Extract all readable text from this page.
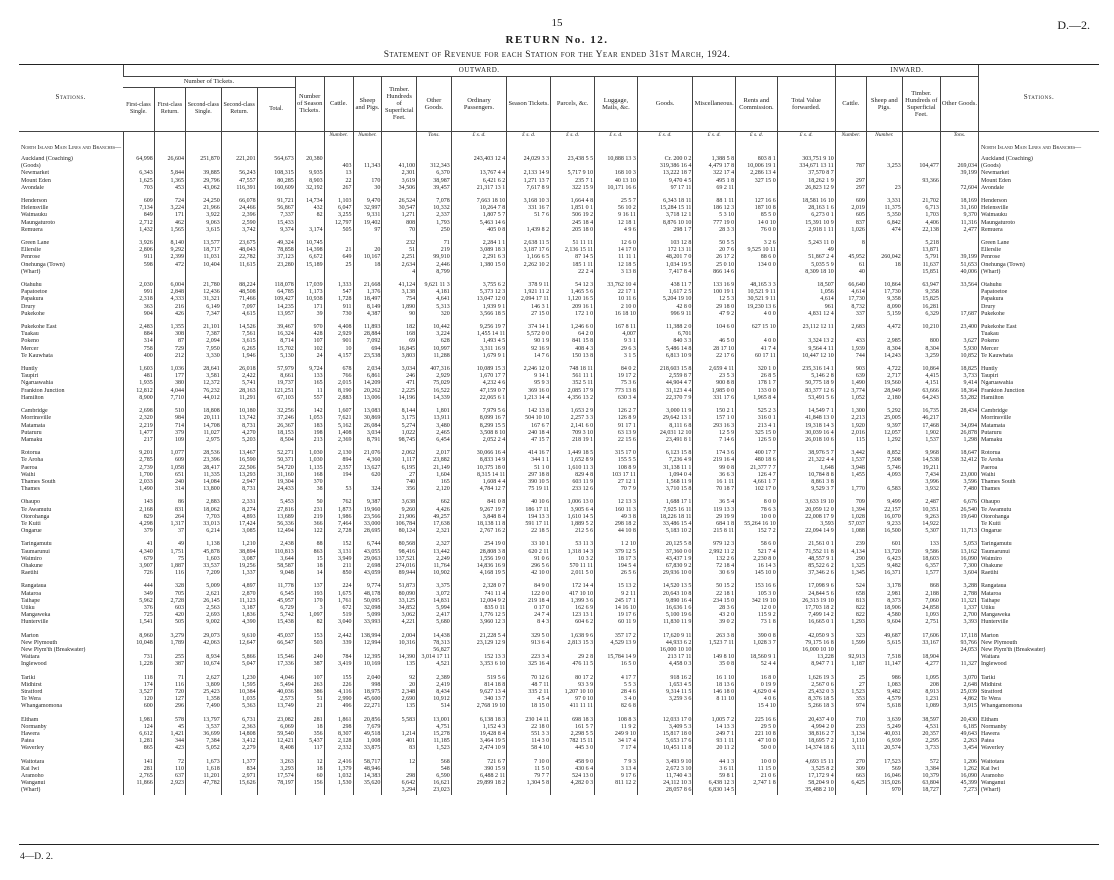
15	D.—2.
RETURN No. 12.
Statement of Revenue for each Station for the Year ended 31st March, 1924.
Stations.	OUTWARD.																		INWARD.				Stations.
	Number of Tickets.					Number of Season Tickets.	Cattle.	Sheep and Pigs.	Timber. Hundreds of Superficial Feet.	Other Goods.	Ordinary Passengers.	Season Tickets.	Parcels, &c.	Luggage, Mails, &c.	Goods.	Miscellaneous.	Rents and Commission.	Total Value forwarded.	Cattle.	Sheep and Pigs.	Timber. Hundreds of Superficial Feet.	Other Goods.	
	First-class Single.	First-class Return.	Second-class Single.	Second-class Return.	Total.																		
							Number.	Number.		Tons.	£ s. d.	£ s. d.	£ s. d.	£ s. d.	£ s. d.	£ s. d.	£ s. d.	£ s. d.	Number.	Number.		Tons.	
North Island Main Lines and Branches—																							North Island Main Lines and Branches—
Auckland (Coaching)	64,998	26,604	251,870	221,201	564,673	20,380					243,403 12 4	24,029 3 3	23,438 5 5	10,888 13 3	Cr. 200 0 2	1,388 5 8	803 8 1	303,751 9 10					Auckland (Coaching)
(Goods)							403	11,343	41,100	312,343					319,386 16 4	4,479 17 8	10,006 19 1	334,671 13 11	787	3,253	104,477	269,034	(Goods)
Newmarket	6,343	5,844	39,885	56,243	108,315	9,935	13		2,301	6,370	13,767 4 4	2,133 14 9	5,717 9 10	168 10 3	13,222 18 7	322 17 4	2,286 13 4	37,570 8 7				39,199	Newmarket
Mount Eden	1,625	1,365	29,796	47,557	80,285	8,903	22	170	3,619	38,987	6,421 6 2	1,271 13 7	235 7 1	40 13 10	9,470 4 5	495 1 8	327 15 0	18,262 1 9	297		93,366		Mount Eden
Avondale	703	453	43,062	116,391	160,609	32,192	267	30	34,506	39,457	21,317 13 1	7,617 8 9	322 15 9	10,171 16 6	97 17 11	69 2 11		26,823 12 9	297	23		72,604	Avondale

Henderson	609	724	24,250	66,078	91,721	14,734	1,103	9,470	26,524	7,078	7,663 18 10	3,168 10 3	1,664 4 8	25 5 7	6,343 18 11	88 1 11	127 16 6	18,581 16 10	609	3,331	21,702	18,169	Henderson
Helensville	7,134	3,224	21,966	24,466	56,867	432	6,047	32,997	30,547	10,332	10,264 7 8	331 16 7	1,851 0 1	56 10 2	15,284 15 11	186 12 3	187 10 8	28,163 1 6	2,019	11,375	6,713	31,160	Helensville
Waimauku	849	171	3,922	2,396	7,337	82	3,255	9,331	1,271	2,337	1,807 5 7	51 7 6	506 19 2	9 16 11	3,718 12 1	5 3 10	85 5 0	6,273 0 1	605	5,350	1,703	9,370	Waimauku
Maungaturoto	2,712	462	9,063	2,590	15,433		12,797	19,402	808	1,793	5,463 14 6		245 18 4	12 18 1	8,876 10 10	777 19 0	14 0 10	15,391 10 9	837	6,842	4,406	11,316	Maungaturoto
Remuera	1,432	1,565	3,615	3,742	9,374	3,174	505	97	70	250	405 0 8	1,439 8 2	205 18 0	4 9 6	298 1 7	28 3 3	76 0 0	2,918 1 11	1,026	474	22,138	2,477	Remuera

Green Lane	3,926	8,140	13,577	23,675	49,324	10,745			232	71	2,284 1 1	2,638 11 5	51 11 11	12 6 0	103 12 8	50 5 5	3 2 6	5,243 11 0	8		5,218		Green Lane
Ellerslie	2,806	9,292	18,717	48,043	78,858	14,398	21	20	51	219	3,089 18 3	3,187 17 6	2,136 15 11	14 17 0	172 13 11	20 7 6	9,525 10 11	49			13,871		Ellerslie
Penrose	911	2,399	11,031	22,782	37,123	6,672	649	10,167	2,251	99,910	2,291 6 3	1,166 6 5	87 14 5	11 11 1	48,201 7 0	26 17 2	88 6 0	51,867 2 4	45,952	260,042	5,791	39,199	Penrose
Onehunga (Town)	598	472	10,404	11,615	23,280	15,189	25	18	2,634	2,446	1,380 15 0	2,262 10 2	185 1 11	12 18 5	1,034 19 5	25 0 10	134 0 0	5,035 5 9	61	18	11,637	51,653	Onehunga (Town)
(Wharf)									4	8,799			22 2 4	3 13 8	7,417 8 4	866 14 6		8,309 18 10	40		15,851	40,006	(Wharf)

Otahuhu	2,030	6,004	21,780	88,224	118,078	17,039	1,333	21,668	41,124	9,621 11 3	3,755 6 2	378 9 11	54 12 3	33,762 10 4	438 11 7	133 16 9	48,165 3 3	18,507	66,640	10,864	63,947	33,564	Otahuhu
Papatoetoe	991	2,848	12,436	48,508	64,785	1,173	547	1,376	3,138	4,181	5,373 12 3	1,921 11 2	1,465 5 6	22 17 1	1,617 2 5	100 19 1	10,521 9 11	1,056	4,614	17,730	9,358		Papatoetoe
Papakura	2,318	4,333	31,321	71,466	109,427	10,938	1,728	18,497	754	4,641	13,047 12 0	2,094 17 11	1,120 16 5	10 11 6	5,204 19 10	12 5 3	30,521 9 11	4,614	17,730	9,358	15,825		Papakura
Drury	363	216	6,149	7,097	14,235	171	911	8,149	1,890	5,313	1,939 9 1	146 3 1	209 16 1	2 10 0	42 8 0	29 18 0	19,230 13 6	961	8,732	8,090	16,281		Drury
Pukekohe	904	426	7,347	4,615	13,957	39	730	4,387	90	320	3,566 18 5	27 15 0	172 1 0	16 18 10	996 9 11	47 9 2	4 0 0	4,831 12 4	337	5,159	6,329	17,687	Pukekohe

Pukekohe East	2,483	1,355	21,101	14,526	39,467	970	4,408	11,893	182	10,442	9,256 19 7	374 14 1	1,246 6 0	167 8 11	11,388 2 0	104 6 0	627 15 10	23,112 12 11	2,683	4,472	10,210	23,400	Pukekohe East
Tuakau	884	308	7,387	7,561	16,324	428	2,929	28,884	168	3,224	1,455 14 11	5,572 0 0	64 2 0	4,007	6,701								Tuakau
Pokeno	314	87	2,094	3,615	8,714	107	901	7,092	69	628	1,493 4 5	90 1 9	841 15 8	9 3 1	840 3 3	46 5 0	4 0 0	3,324 13 2	433	2,985	800	3,627	Pokeno
Mercer	758	729	7,950	6,265	15,702	102	10	694	16,845	10,997	3,311 16 9	92 16 9	408 4 3	29 6 3	5,486 14 8	28 17 10	41 7 4	9,564 4 11	1,939	8,304	8,304	5,930	Mercer
Te Kauwhata	400	212	3,330	1,946	5,130	24	4,157	23,538	3,803	11,288	1,679 9 1	14 7 6	150 13 8	3 1 5	6,813 10 9	22 17 6	60 17 11	10,447 12 10	744	14,243	3,259	10,852	Te Kauwhata

Huntly	1,603	1,036	28,641	26,018	57,979	9,724	678	2,034	3,034	407,316	10,089 15 3	2,246 12 0	748 18 11	84 0 2	218,603 15 8	2,659 4 11	320 1 0	235,316 14 1	903	4,722	10,864	18,825	Huntly
Taupiri	481	177	3,581	2,422	8,661	133	766	6,861	246	2,929	1,670 17 7	9 14 1	561 11 1	19 17 2	2,559 8 7	23 5 3	26 8 5	5,146 2 8	639	2,717	4,415	3,733	Taupiri
Ngaruawahia	1,935	380	12,372	5,741	19,737	165	2,015	14,209	471	75,029	4,232 4 6	95 9 3	352 5 11	75 3 6	44,904 4 7	900 8 8	178 1 7	50,775 18 9	1,490	19,560	4,151	9,414	Ngaruawahia
Frankton Junction	12,812	4,044	76,232	28,163	121,251	11	8,190	20,262	2,225	16,522	47,159 0 7	369 16 0	2,085 17 9	773 13 8	31,123 4 4	1,985 0 0	133 0 0	83,377 12 6	3,774	28,949	63,666	18,364	Frankton Junction
Hamilton	8,900	7,710	44,012	11,291	67,103	557	2,883	13,006	14,196	14,339	22,065 6 1	1,213 14 4	4,356 13 2	630 3 4	22,370 7 9	331 17 6	1,965 8 4	53,491 5 6	1,052	2,180	64,243	53,282	Hamilton

Cambridge	2,698	510	18,808	10,180	32,256	142	1,607	13,083	8,144	1,801	7,979 5 6	142 13 8	1,653 2 9	126 2 7	3,000 11 9	150 2 1	525 2 3	14,549 7 1	1,300	5,292	16,735	28,434	Cambridge
Morrinsville	2,320	984	20,111	13,742	37,246	1,053	7,621	30,869	3,175	13,911	8,099 16 7	504 10 10	2,257 3 3	126 8 9	29,642 13 1	157 1 0	316 0 1	41,848 13 0	2,213	25,005	46,217		Morrinsville
Matamata	2,219	714	14,708	8,731	26,367	183	5,162	26,084	5,274	3,480	8,299 15 5	167 6 7	2,141 6 0	91 17 1	8,111 6 8	293 16 3	213 4 1	19,318 14 3	1,920	9,397	17,468	34,094	Matamata
Putaruru	1,477	379	11,027	4,270	18,153	198	1,408	3,034	1,022	2,465	3,508 8 10	240 18 4	709 3 10	63 13 9	24,031 12 10	12 5 9	325 15 0	30,039 16 4	2,016	12,057	1,902	26,878	Putaruru
Mamaku	217	109	2,975	5,203	8,504	213	2,369	8,791	98,745	6,454	2,052 2 4	47 15 7	218 19 1	22 15 6	23,491 8 1	7 14 6	126 5 0	26,018 10 6	115	1,292	1,537	1,298	Mamaku

Rotorua	9,201	1,077	28,536	13,467	52,271	1,030	2,130	21,076	2,062	2,017	30,066 16 4	414 16 7	1,449 18 5	315 17 0	6,123 15 8	174 3 6	400 17 7	38,976 5 7	3,442	8,852	9,968	18,647	Rotorua
Te Aroha	2,785	609	23,396	16,590	50,371	1,030	894	4,360	1,117	23,882	8,833 14 9	344 1 1	1,652 8 9	155 5 5	7,236 4 9	219 16 4	480 18 6	21,322 4 4	1,537	7,508	14,538	32,412	Te Aroha
Paeroa	2,739	1,058	28,417	22,506	54,720	1,135	2,357	13,627	6,195	21,149	10,375 18 0	51 1 0	1,610 11 3	108 8 9	31,138 11 1	99 0 8	21,377 7 7	1,648	3,948	5,746	19,211		Paeroa
Waihi	1,700	651	11,335	13,293	31,160	168	194	620	27	1,604	8,315 14 11	297 18 8	829 4 8	103 17 11	1,094 0 4	36 6 3	126 4 7	10,784 8 8	1,455	4,093	7,434	23,000	Waihi
Thames South	2,033	240	14,084	2,947	19,304	370			740	165	1,608 4 4	390 10 5	603 11 9	27 12 1	1,568 11 9	16 1 11	4,661 1 7	8,861 3 8			3,996	3,596	Thames South
Thames	1,490	314	13,800	8,731	24,433	38	53	324	356	2,120	4,784 12 7	75 19 11	233 12 6	70 7 9	3,710 15 8	70 18 7	102 17 0	9,529 3 7	1,770	6,583	3,932	7,480	Thames

Ohaupo	143	86	2,883	2,331	5,453	50	762	9,387	3,638	662	841 0 8	40 10 6	1,006 13 0	12 13 3	1,688 17 1	36 5 4	8 0 0	3,633 19 10	709	9,499	2,487	6,676	Ohaupo
Te Awamutu	2,168	831	18,062	8,274	27,816	231	1,873	19,960	9,260	4,426	9,267 19 7	186 17 11	3,905 6 4	160 11 3	7,925 16 11	119 13 3	78 6 3	20,059 12 0	1,394	22,157	10,351	26,540	Te Awamutu
Otorohanga	829	264	7,703	4,893	13,689	219	1,986	23,566	21,906	49,257	3,848 8 4	194 13 3	1,610 14 5	49 3 8	18,226 18 11	29 19 9	10 0 0	22,008 17 9	1,028	16,070	9,263	19,640	Otorohanga
Te Kuiti	4,298	1,317	33,013	17,424	56,336	366	7,464	33,000	106,784	17,638	18,138 11 8	591 17 11	1,889 5 2	298 18 2	33,486 15 4	684 1 8	55,264 16 10	3,593	57,037	9,233	14,922		Te Kuiti
Ongarue	379	37	6,214	3,085	12,494	122	2,728	28,695	80,124	2,321	2,767 16 2	22 18 5	212 5 6	44 10 8	5,183 10 2	215 8 11	152 7 2	22,094 14 9	1,088	16,500	5,307	11,713	Ongarue

Taringamutu	41	49	1,138	1,210	2,438	88	152	6,744	80,568	2,327	254 19 0	33 10 1	53 11 3	1 2 10	20,125 5 8	979 12 3	58 6 0	21,561 0 1	239	601	133	5,053	Taringamutu
Taumarunui	4,340	1,751	45,878	38,894	110,813	863	3,131	43,055	98,416	13,442	28,808 3 8	620 2 11	1,318 14 3	379 12 5	37,360 0 0	2,992 11 2	521 7 4	71,552 11 8	4,134	13,720	9,586	13,162	Taumarunui
Waimiro	679	75	1,603	3,087	3,644	15	3,949	29,063	137,521	2,249	1,556 19 0	91 0 6	10 3 2	18 17 3	43,437 1 9	132 2 6	2,230 8 0	48,557 9 1	290	6,423	18,603	16,090	Waimiro
Ohakune	3,907	1,887	33,537	19,256	58,587	18	211	2,698	274,016	11,764	14,836 16 9	296 5 6	570 11 11	194 5 4	67,830 9 2	72 18 4	16 14 3	85,522 6 2	1,325	9,482	6,357	7,300	Ohakune
Raetihi	726	116	7,209	1,337	9,048	14	850	43,059	89,944	10,902	4,168 19 5	42 10 0	2,011 5 0	26 5 6	29,936 10 0	30 6 9	145 10 0	37,346 2 6	1,345	16,371	1,577	3,604	Raetihi

Rangataua	444	328	5,009	4,897	11,778	137	224	9,774	51,873	3,375	2,328 0 7	84 9 0	172 14 4	15 13 2	14,520 13 5	50 15 2	153 16 6	17,098 9 6	524	3,178	868	3,288	Rangataua
Mataroa	349	705	2,621	2,870	6,545	193	1,675	48,178	80,090	3,072	741 11 4	122 0 0	417 10 10	9 2 11	20,643 10 8	22 18 1	105 3 0	24,844 5 6	658	2,981	2,188	2,788	Mataroa
Taihape	5,962	2,728	26,145	11,123	45,957	170	1,761	50,095	33,125	14,831	12,004 9 2	219 18 4	1,399 3 6	245 17 1	9,890 16 4	234 15 0	342 19 10	26,313 19 10	813	8,373	7,060	11,321	Taihape
Utiku	376	603	2,563	3,187	6,729	3	672	32,098	34,852	5,994	835 0 11	0 17 0	162 6 9	14 16 10	16,636 1 6	28 3 6	12 0 0	17,703 18 2	822	18,906	24,858	1,337	Utiku
Mangaweka	725	420	2,693	1,836	5,742	1,097	519	5,099	3,062	2,417	1,776 12 5	24 7 4	123 13 1	19 17 6	5,100 19 6	43 2 0	115 9 2	7,499 14 2	822	4,580	1,093	2,700	Mangaweka
Hunterville	1,541	505	9,002	4,390	15,438	82	3,040	33,993	4,221	5,680	3,960 12 3	8 4 3	604 6 2	60 11 9	11,830 11 9	39 0 2	73 1 8	16,665 0 1	1,293	9,604	2,751	3,393	Hunterville

Marton	8,960	3,279	29,073	9,610	45,037	153	2,442	138,994	2,004	14,438	21,228 5 4	329 5 0	1,638 9 6	357 17 2	17,620 9 11	263 3 8	390 0 8	42,050 9 3	323	49,687	17,606	17,118	Marton
New Plymouth	10,048	1,789	42,063	12,647	66,547	503	339	12,994	10,316	78,313	23,129 12 9	913 6 4	2,813 15 3	4,529 13 9	44,933 6 2	1,523 7 11	1,028 3 7	79,175 16 8	1,599	5,615	33,167	93,766	New Plymouth
New Plym'th (Breakwater)										56,827					16,000 10 10			16,000 10 10				24,053	New Plym'th (Breakwater)
Waitara	731	255	8,934	5,866	15,546	240	784	12,395	14,390	3,014 17 11	152 13 3	223 3 4	29 2 8	15,784 14 9	213 17 11	149 8 10	18,560 9 1	13,228	92,913	7,518	18,904		Waitara
Inglewood	1,228	387	10,674	5,047	17,336	387	3,419	10,169	135	4,521	3,353 6 10	325 16 4	476 11 5	16 5 0	4,458 0 3	35 0 8	52 4 4	8,947 7 1	1,187	11,147	4,277	11,327	Inglewood

Tariki	118	71	2,627	1,230	4,046	107	155	2,040	92	2,389	519 5 6	70 12 6	80 17 2	4 17 7	918 16 2	16 1 10	16 8 0	1,626 19 3	25	986	1,095	3,070	Tariki
Midhirst	174	116	3,809	1,595	5,494	263	226	998	20	2,419	814 18 8	48 7 11	93 3 9	5 5 3	1,653 4 5	18 13 6	0 19 9	2,567 0 6	27	1,083	208	2,648	Midhirst
Stratford	3,527	720	25,423	10,384	40,036	386	4,116	18,975	2,348	8,434	9,627 13 4	335 2 11	1,207 10 10	28 4 6	9,314 11 5	146 18 0	4,629 0 4	25,432 0 3	1,523	9,482	8,913	25,039	Stratford
Te Wera	120	127	1,358	1,035	2,573	51	2,990	45,600	2,690	10,912	340 13 7	4 5 4	97 0 10	3 4 0	3,259 3 6	8 11 10	4 0 6	8,376 18 5	353	4,579	1,231	4,862	Te Wera
Whangamomona	600	296	7,490	5,363	13,749	21	496	22,271	135	514	2,768 19 10	18 15 0	411 11 11	82 6 8			15 4 10	5,266 18 3	974	5,618	1,089	3,915	Whangamomona

Eltham	1,981	578	13,797	6,731	23,082	281	1,861	20,856	5,583	13,001	6,138 18 3	230 14 11	698 18 3	108 8 3	12,033 17 0	1,005 7 2	225 16 6	20,437 4 0	710	3,639	38,597	20,430	Eltham
Normanby	124	45	3,537	2,363	6,069	18	298	7,679		4,751	1,152 4 3	22 18 0	161 5 7	11 9 2	3,409 5 3	14 13 3	29 5 0	4,994 2 0	233	5,249	4,531	6,185	Normanby
Hawera	6,612	1,421	36,699	14,808	59,540	356	8,307	49,518	1,214	15,278	19,428 8 4	551 3 3	2,298 5 5	249 9 10	15,817 18 0	249 7 1	221 10 8	38,816 2 7	3,134	40,031	20,357	49,643	Hawera
Patea	1,281	344	7,384	3,412	12,421	5,437	2,128	1,008	401	11,185	3,464 19 5	114 3 0	782 15 11	34 17 4	5,653 17 6	93 1 11	47 10 0	18,695 7 2	1,110	6,939	2,295	2,263	Patea
Waverley	865	423	5,052	2,279	8,408	117	2,332	33,875	83	1,523	2,474 10 9	58 4 10	445 3 0	7 17 4	10,451 11 8	20 11 2	50 0 0	14,374 18 6	3,111	20,574	3,733	3,454	Waverley

Waitotara	141	72	1,673	1,377	3,263	12	2,416	58,717	12	568	721 6 7	7 10 0	458 9 0	7 9 3	3,493 9 10	44 1 3	10 0 0	4,693 15 11	270	17,523	572	1,206	Waitotara
Kai Iwi	281	110	1,618	834	3,293	18	1,379	48,946		548	390 15 9	11 5 0	430 6 4	3 13 4	2,672 3 10	3 6 11	11 15 0	3,525 8 2	309	569	3,384	1,262	Kai Iwi
Aramoho	2,765	637	11,201	2,971	17,574	60	1,032	14,383	298	6,590	6,488 2 11	79 7 7	524 13 0	9 17 6	11,740 4 3	59 8 1	21 0 6	17,172 9 4	663	16,046	10,379	16,090	Aramoho
Wanganui	11,866	2,923	47,782	15,626	78,197	156	1,530	35,620	6,642	16,621	29,899 18 2	1,304 5 8	4,282 0 3	811 12 2	24,112 10 3	6,438 12 3	2,747 1 8	58,204 9 0	6,425	315,026	63,804	45,399	Wanganui
(Wharf)									3,294	23,023					28,057 8 6	6,830 14 5		35,488 2 10		970	18,727	7,273	(Wharf)
4—D. 2.
